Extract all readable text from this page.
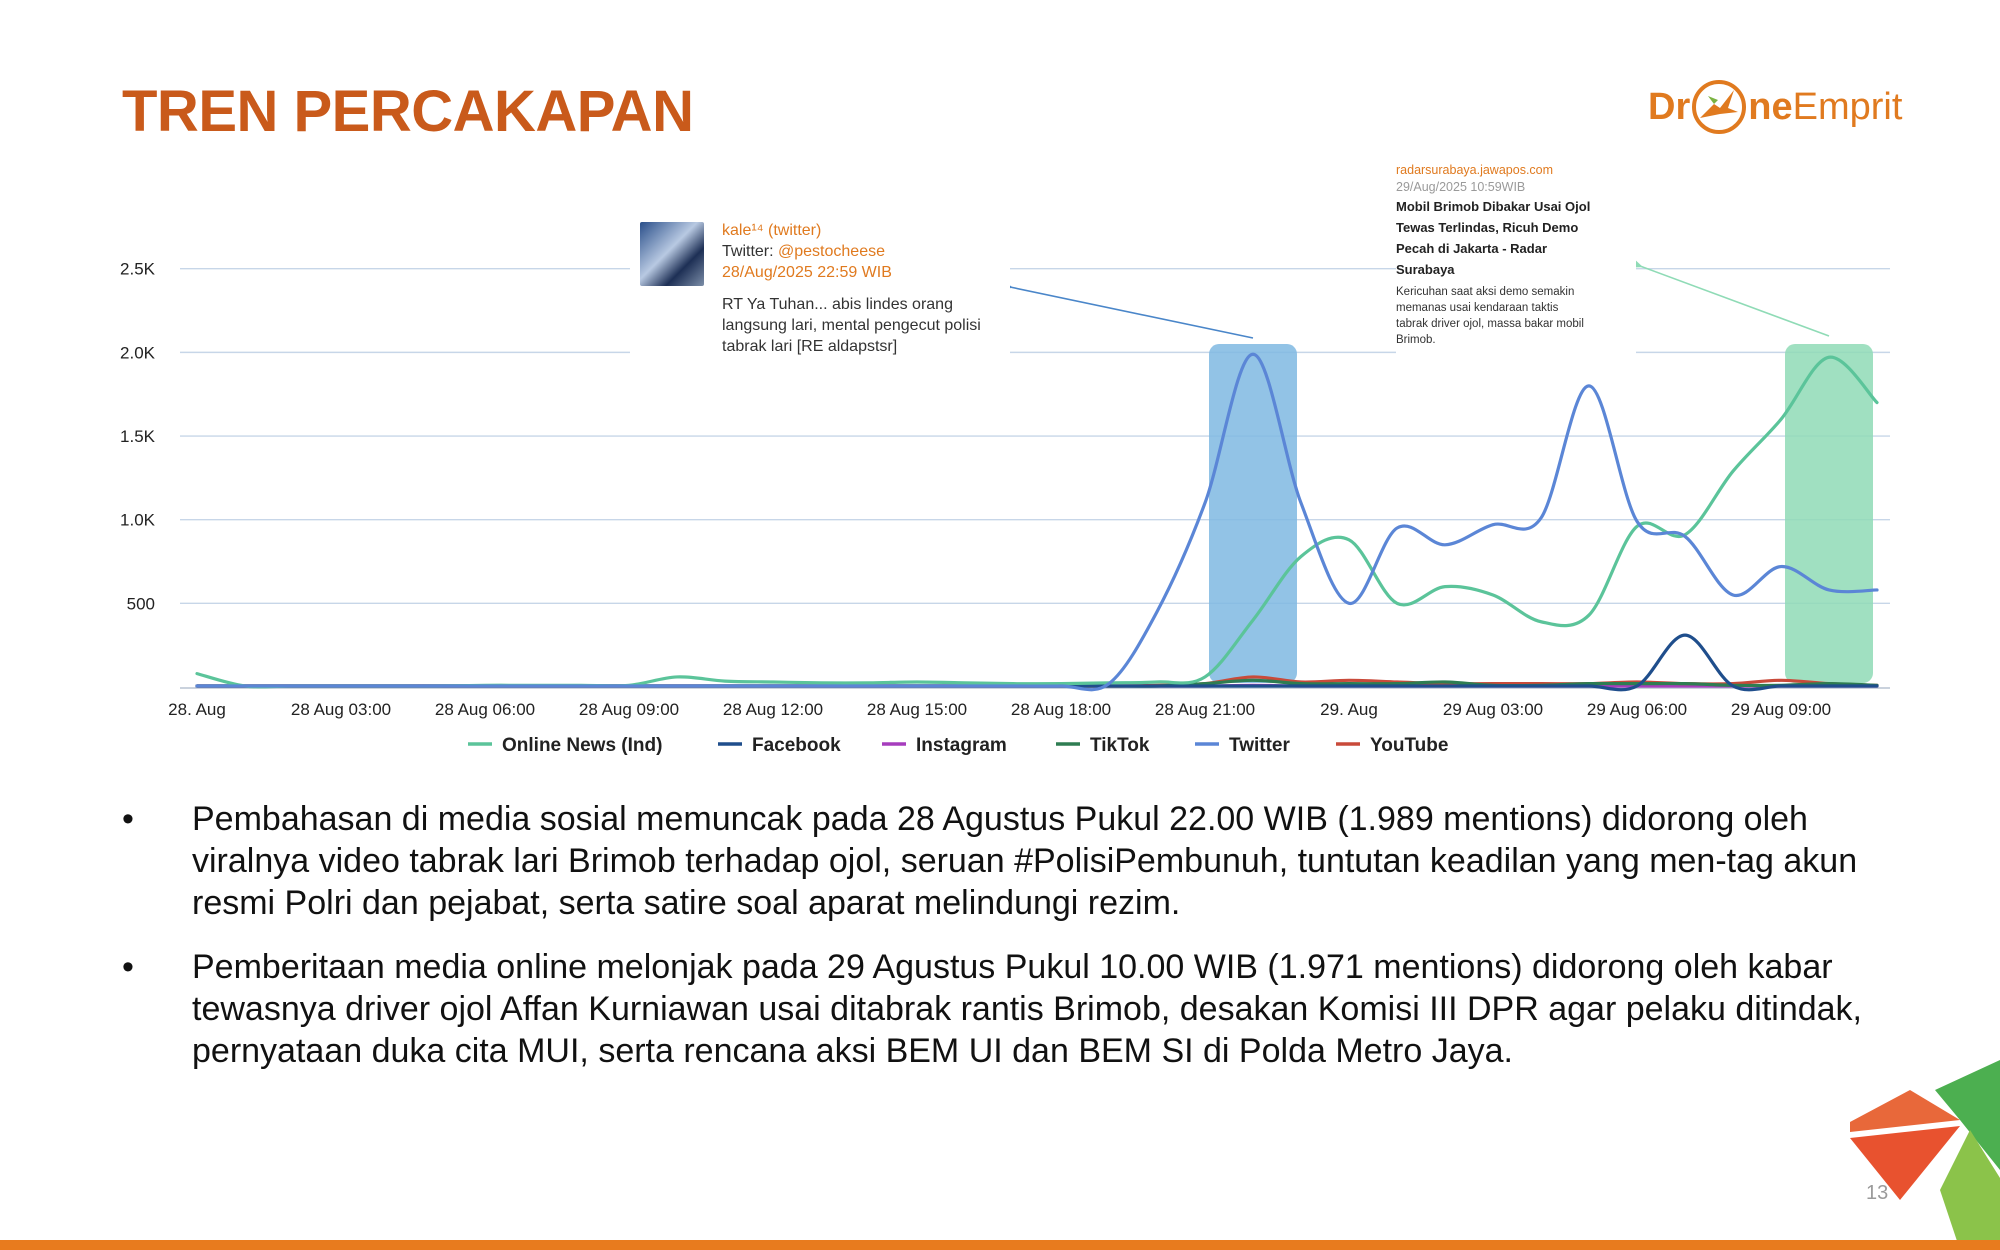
TREN PERCAKAPAN	Dr ne Emprit
500
1.0K
1.5K
2.0K
2.5K
28. Aug	28 Aug 03:00	28 Aug 06:00	28 Aug 09:00	28 Aug 12:00	28 Aug 15:00	28 Aug 18:00	28 Aug 21:00	29. Aug	29 Aug 03:00	29 Aug 06:00	29 Aug 09:00
Online News (Ind)	Facebook	Instagram	TikTok	Twitter	YouTube
kale¹⁴ (twitter)
Twitter: @pestocheese
28/Aug/2025 22:59 WIB
RT Ya Tuhan... abis lindes orang
langsung lari, mental pengecut polisi
tabrak lari [RE aldapstsr]
radarsurabaya.jawapos.com
29/Aug/2025 10:59WIB
Mobil Brimob Dibakar Usai Ojol
Tewas Terlindas, Ricuh Demo
Pecah di Jakarta - Radar
Surabaya
Kericuhan saat aksi demo semakin
memanas usai kendaraan taktis
tabrak driver ojol, massa bakar mobil
Brimob.
• Pembahasan di media sosial memuncak pada 28 Agustus Pukul 22.00 WIB (1.989 mentions) didorong oleh viralnya video tabrak lari Brimob terhadap ojol, seruan #PolisiPembunuh, tuntutan keadilan yang men-tag akun resmi Polri dan pejabat, serta satire soal aparat melindungi rezim.
• Pemberitaan media online melonjak pada 29 Agustus Pukul 10.00 WIB (1.971 mentions) didorong oleh kabar tewasnya driver ojol Affan Kurniawan usai ditabrak rantis Brimob, desakan Komisi III DPR agar pelaku ditindak, pernyataan duka cita MUI, serta rencana aksi BEM UI dan BEM SI di Polda Metro Jaya.
13
